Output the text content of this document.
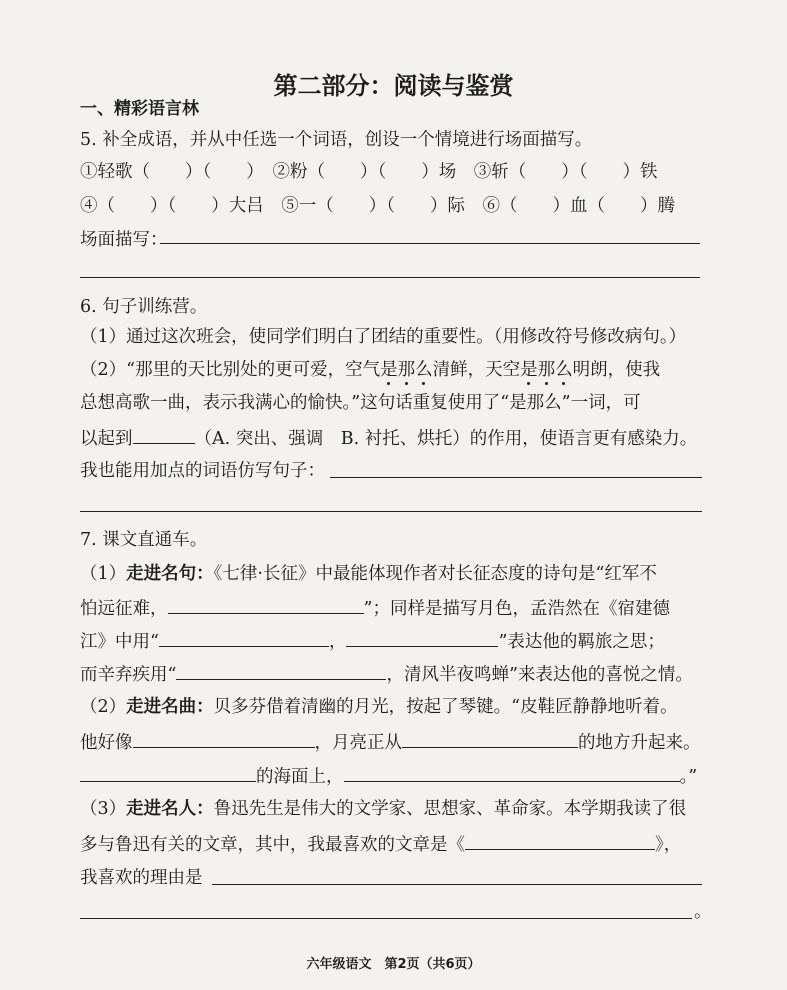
第二部分：阅读与鉴赏
一、精彩语言林
5. 补全成语，并从中任选一个词语，创设一个情境进行场面描写。
①轻歌（　　）（　　）　②粉（　　）（　　）场　③斩（　　）（　　）铁
④（　　）（　　）大吕　⑤一（　　）（　　）际　⑥（　　）血（　　）腾
场面描写：
6. 句子训练营。
（1）通过这次班会，使同学们明白了团结的重要性。（用修改符号修改病句。）
（2）“那里的天比别处的更可爱，空气是那么清鲜，天空是那么明朗，使我
总想高歌一曲，表示我满心的愉快。”这句话重复使用了“是那么”一词，可
以起到	（A. 突出、强调　B. 衬托、烘托）的作用，使语言更有感染力。
我也能用加点的词语仿写句子：
7. 课文直通车。
（1）走进名句：《七律·长征》中最能体现作者对长征态度的诗句是“红军不
怕远征难，	”；同样是描写月色，孟浩然在《宿建德
江》中用“	，	”表达他的羁旅之思；
而辛弃疾用“	，清风半夜鸣蝉”来表达他的喜悦之情。
（2）走进名曲：贝多芬借着清幽的月光，按起了琴键。“皮鞋匠静静地听着。
他好像	，月亮正从	的地方升起来。
的海面上，	。”
（3）走进名人：鲁迅先生是伟大的文学家、思想家、革命家。本学期我读了很
多与鲁迅有关的文章，其中，我最喜欢的文章是《	》，
我喜欢的理由是
。
六年级语文　第2页（共6页）
